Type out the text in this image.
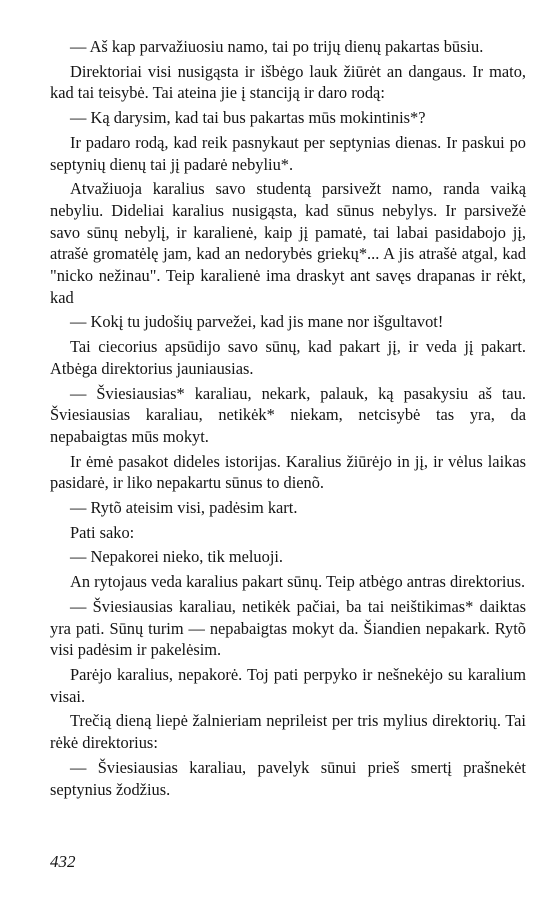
— Aš kap parvažiuosiu namo, tai po trijų dienų pakartas būsiu.

Direktoriai visi nusigąsta ir išbėgo lauk žiūrėt an dangaus. Ir mato, kad tai teisybė. Tai ateina jie į stanciją ir daro rodą:

— Ką darysim, kad tai bus pakartas mūs mokintinis*?

Ir padaro rodą, kad reik pasnykaut per septynias dienas. Ir paskui po septynių dienų tai jį padarė nebyliu*.

Atvažiuoja karalius savo studentą parsivežt namo, randa vaiką nebyliu. Dideliai karalius nusigąsta, kad sūnus nebylys. Ir parsivežė savo sūnų nebylį, ir karalienė, kaip jį pamatė, tai labai pasidabojo jį, atrašė gromatėlę jam, kad an nedorybės griekų*... A jis atrašė atgal, kad "nicko nežinau". Teip karalienė ima draskyt ant savęs drapanas ir rėkt, kad

— Kokį tu judošių parvežei, kad jis mane nor išgultavot!

Tai ciecorius apsūdijo savo sūnų, kad pakart jį, ir veda jį pakart. Atbėga direktorius jauniausias.

— Šviesiausias* karaliau, nekark, palauk, ką pasakysiu aš tau. Šviesiausias karaliau, netikėk* niekam, netcisybė tas yra, da nepabaigtas mūs mokyt.

Ir ėmė pasakot dideles istorijas. Karalius žiūrėjo in jį, ir vėlus laikas pasidarė, ir liko nepakartu sūnus to dienõ.

— Rytõ ateisim visi, padėsim kart.

Pati sako:

— Nepakorei nieko, tik meluoji.

An rytojaus veda karalius pakart sūnų. Teip atbėgo antras direktorius.

— Šviesiausias karaliau, netikėk pačiai, ba tai neištikimas* daiktas yra pati. Sūnų turim — nepabaigtas mokyt da. Šiandien nepakark. Rytõ visi padėsim ir pakelėsim.

Parėjo karalius, nepakorė. Toj pati perpyko ir nešnekėjo su karalium visai.

Trečią dieną liepė žalnieriam neprileist per tris mylius direktorių. Tai rėkė direktorius:

— Šviesiausias karaliau, pavelyk sūnui prieš smertį prašnekėt septynius žodžius.

432
